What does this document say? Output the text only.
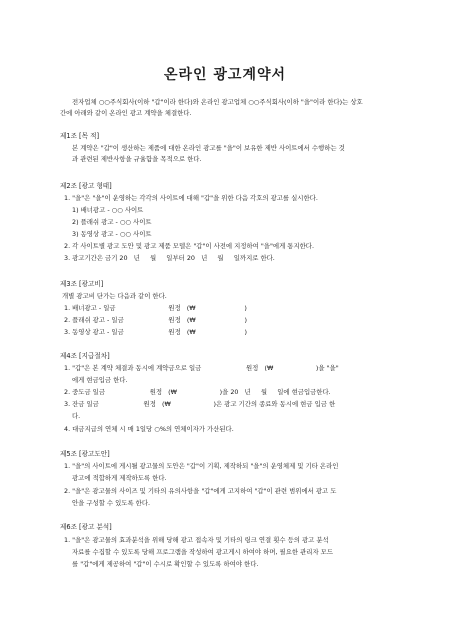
온라인 광고계약서
전자업체 ○○주식회사(이하 "갑"이라 한다)와 온라인 광고업체 ○○주식회사(이하 "을"이라 한다)는 상호
간에 아래와 같이 온라인 광고 계약을 체결한다.
제1조 [목 적]
본 계약은 "갑"이 생산하는 제품에 대한 온라인 광고를 "을"이 보유한 제반 사이트에서 수행하는 것
과 관련된 제반사항을 규율함을 목적으로 한다.
제2조 [광고 형태]
1. "을"은 "을"이 운영하는 각각의 사이트에 대해 "갑"을 위한 다음 각호의 광고를 실시한다.
1) 배너광고 - ○○ 사이트
2) 플래쉬 광고 - ○○ 사이트
3) 동영상 광고 - ○○ 사이트
2. 각 사이트별 광고 도안 및 광고 제품 모델은 "갑"이 사전에 지정하여 "을"에게 통지한다.
3. 광고기간은 금기 20   년     월     일부터 20   년     월     일까지로 한다.
제3조 [광고비]
개별 광고비 단가는 다음과 같이 한다.
1. 배너광고 - 일금                          원정   (₩                        )
2. 플래쉬 광고 - 일금                      원정   (₩                        )
3. 동영상 광고 - 일금                      원정   (₩                        )
제4조 [지급절차]
1. "갑"은 본 계약 체결과 동시에 계약금으로 일금                      원정   (₩                     )을 "을"
에게 현금입금 한다.
2. 중도금 일금                      원정   (₩                     )을 20   년     월     일에 현금입금한다.
3. 잔금 일금                      원정   (₩                     )은 광고 기간의 종료와 동시에 현금 입금 한
다.
4. 대금지급의 연체 시 매 1일당 ○%의 연체이자가 가산된다.
제5조 [광고도안]
1. "을"의 사이트에 게시될 광고물의 도안은 "갑"이 기획, 제작하되 "을"의 운영체제 및 기타 온라인
광고에 적합하게 제작하도록 한다.
2. "을"은 광고물의 사이즈 및 기타의 유의사항을 "갑"에게 고지하여 "갑"이 관련 범위에서 광고 도
안을 구성할 수 있도록 한다.
제6조 [광고 분석]
1. "을"은 광고물의 효과분석을 위해 당해 광고 접속자 및 기타의 링크 연결 횟수 등의 광고 분석
자료를 수집할 수 있도록 당해 프로그램을 작성하여 광고게시 하여야 하며, 필요한 관리자 모드
를 "갑"에게 제공하여 "갑"이 수시로 확인할 수 있도록 하여야 한다.
